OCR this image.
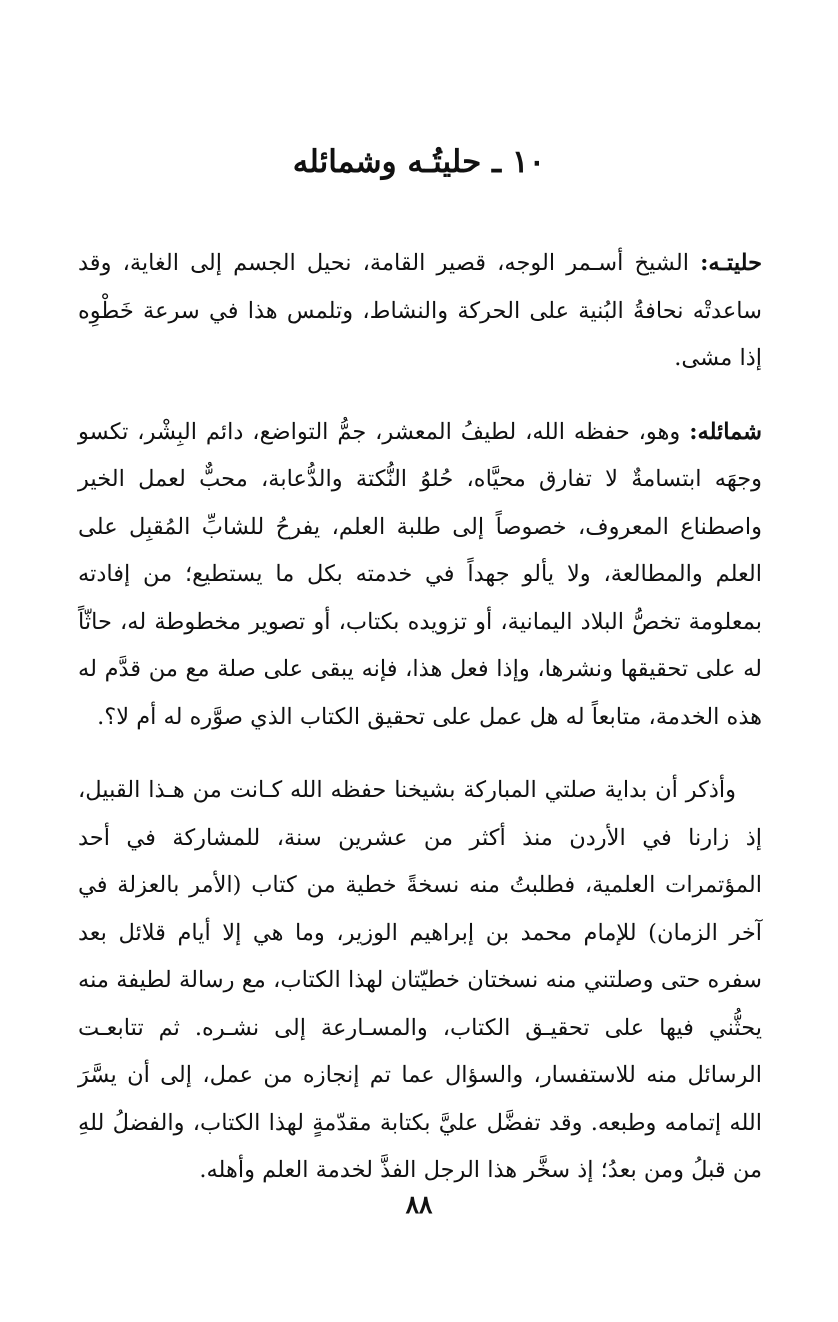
١٠ ـ حليتُـه وشمائله

حليتـه: الشيخ أسـمر الوجه، قصير القامة، نحيل الجسم إلى الغاية، وقد ساعدتْه نحافةُ البُنية على الحركة والنشاط، وتلمس هذا في سرعة خَطْوِه إذا مشى.

شمائله: وهو، حفظه الله، لطيفُ المعشر، جمُّ التواضع، دائم البِشْر، تكسو وجهَه ابتسامةٌ لا تفارق محيَّاه، حُلوُ النُّكتة والدُّعابة، محبٌّ لعمل الخير واصطناع المعروف، خصوصاً إلى طلبة العلم، يفرحُ للشابِّ المُقبِل على العلم والمطالعة، ولا يألو جهداً في خدمته بكل ما يستطيع؛ من إفادته بمعلومة تخصُّ البلاد اليمانية، أو تزويده بكتاب، أو تصوير مخطوطة له، حاثّاً له على تحقيقها ونشرها، وإذا فعل هذا، فإنه يبقى على صلة مع من قدَّم له هذه الخدمة، متابعاً له هل عمل على تحقيق الكتاب الذي صوَّره له أم لا؟.

وأذكر أن بداية صلتي المباركة بشيخنا حفظه الله كـانت من هـذا القبيل، إذ زارنا في الأردن منذ أكثر من عشرين سنة، للمشاركة في أحد المؤتمرات العلمية، فطلبتُ منه نسخةً خطية من كتاب (الأمر بالعزلة في آخر الزمان) للإمام محمد بن إبراهيم الوزير، وما هي إلا أيام قلائل بعد سفره حتى وصلتني منه نسختان خطيّتان لهذا الكتاب، مع رسالة لطيفة منه يحثُّني فيها على تحقيـق الكتاب، والمسـارعة إلى نشـره. ثم تتابعـت الرسائل منه للاستفسار، والسؤال عما تم إنجازه من عمل، إلى أن يسَّرَ الله إتمامه وطبعه. وقد تفضَّل عليَّ بكتابة مقدّمةٍ لهذا الكتاب، والفضلُ للهِ من قبلُ ومن بعدُ؛ إذ سخَّر هذا الرجل الفذَّ لخدمة العلم وأهله.

٨٨
